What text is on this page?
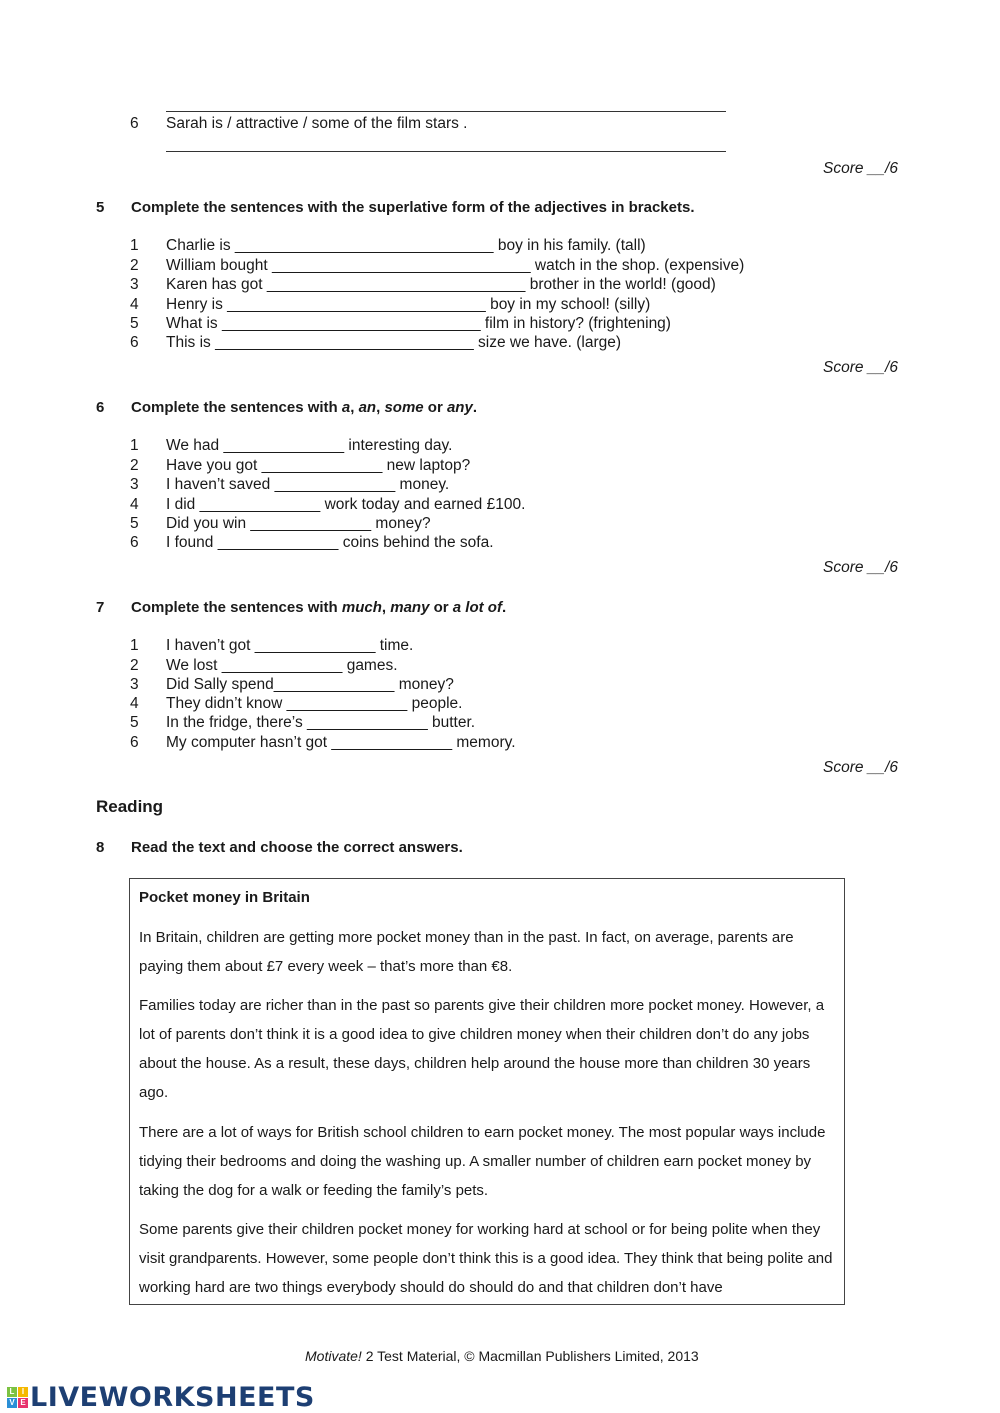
6 Sarah is / attractive / some of the film stars .
Score __/6
5 Complete the sentences with the superlative form of the adjectives in brackets.
1 Charlie is ______________________________ boy in his family. (tall)
2 William bought ______________________________ watch in the shop. (expensive)
3 Karen has got ______________________________ brother in the world! (good)
4 Henry is ______________________________ boy in my school! (silly)
5 What is ______________________________ film in history? (frightening)
6 This is ______________________________ size we have. (large)
Score __/6
6 Complete the sentences with a, an, some or any.
1 We had ______________ interesting day.
2 Have you got ______________ new laptop?
3 I haven’t saved ______________ money.
4 I did ______________ work today and earned £100.
5 Did you win ______________ money?
6 I found ______________ coins behind the sofa.
Score __/6
7 Complete the sentences with much, many or a lot of.
1 I haven’t got ______________ time.
2 We lost ______________ games.
3 Did Sally spend______________ money?
4 They didn’t know ______________ people.
5 In the fridge, there’s ______________ butter.
6 My computer hasn’t got ______________ memory.
Score __/6
Reading
8 Read the text and choose the correct answers.
Pocket money in Britain
In Britain, children are getting more pocket money than in the past. In fact, on average, parents are paying them about £7 every week – that’s more than €8.
Families today are richer than in the past so parents give their children more pocket money. However, a lot of parents don’t think it is a good idea to give children money when their children don’t do any jobs about the house. As a result, these days, children help around the house more than children 30 years ago.
There are a lot of ways for British school children to earn pocket money. The most popular ways include tidying their bedrooms and doing the washing up. A smaller number of children earn pocket money by taking the dog for a walk or feeding the family’s pets.
Some parents give their children pocket money for working hard at school or for being polite when they visit grandparents. However, some people don’t think this is a good idea. They think that being polite and working hard are two things everybody should do should do and that children don’t have
Motivate! 2 Test Material, © Macmillan Publishers Limited, 2013
L I
V E LIVEWORKSHEETS
